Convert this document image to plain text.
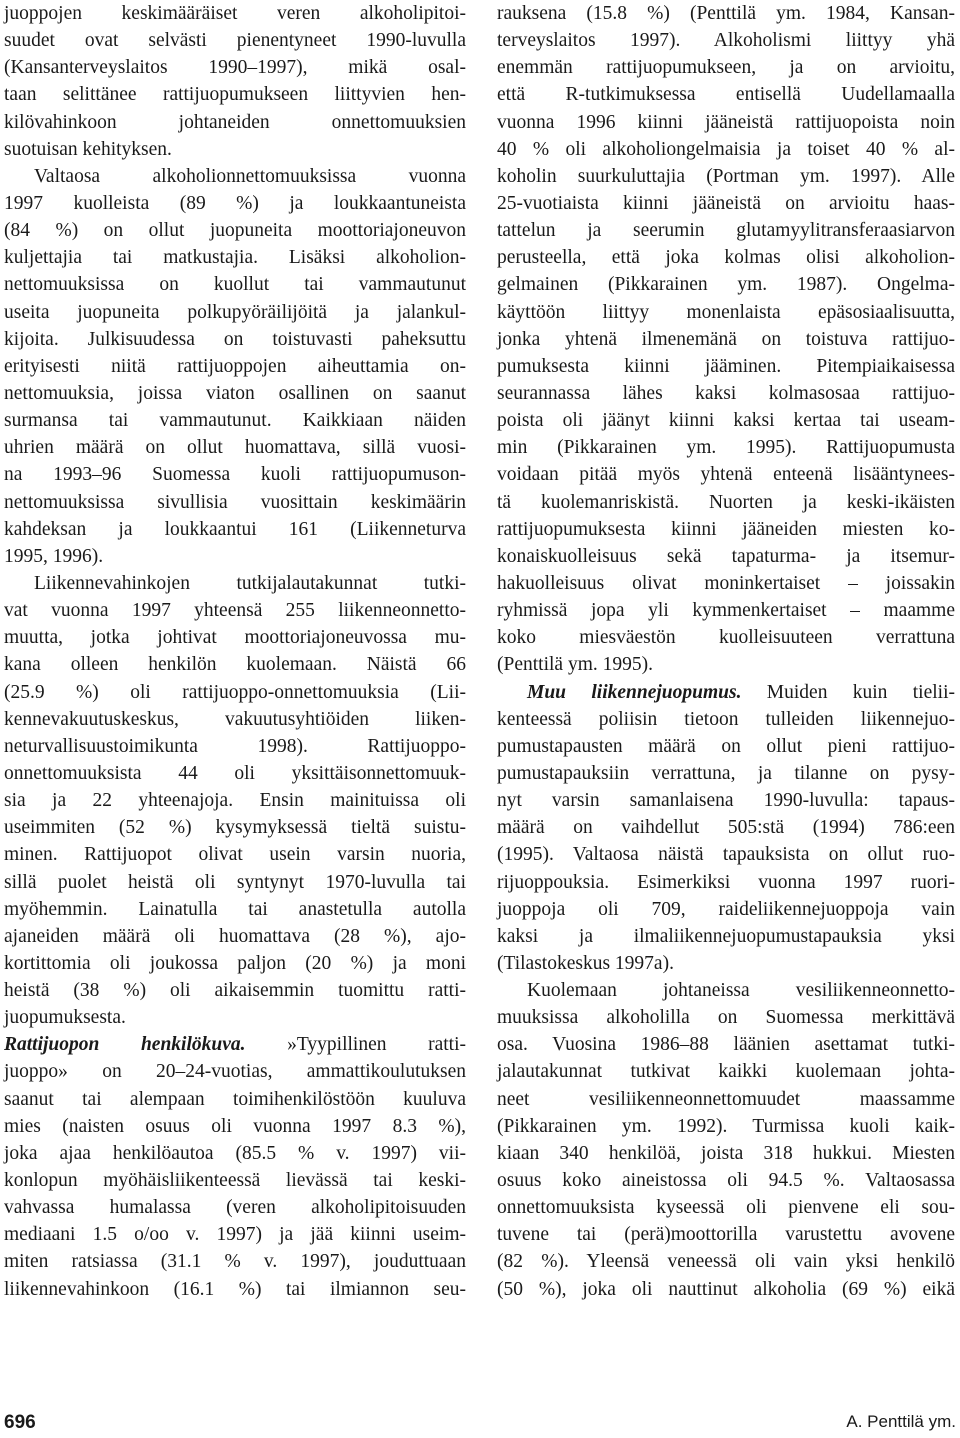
juoppojen keskimääräiset veren alkoholipitoi-
suudet ovat selvästi pienentyneet 1990-luvulla
(Kansanterveyslaitos 1990–1997), mikä osal-
taan selittänee rattijuopumukseen liittyvien hen-
kilövahinkoon johtaneiden onnettomuuksien
suotuisan kehityksen.
Valtaosa alkoholionnettomuuksissa vuonna
1997 kuolleista (89 %) ja loukkaantuneista
(84 %) on ollut juopuneita moottoriajoneuvon
kuljettajia tai matkustajia. Lisäksi alkoholion-
nettomuuksissa on kuollut tai vammautunut
useita juopuneita polkupyöräilijöitä ja jalankul-
kijoita. Julkisuudessa on toistuvasti paheksuttu
erityisesti niitä rattijuoppojen aiheuttamia on-
nettomuuksia, joissa viaton osallinen on saanut
surmansa tai vammautunut. Kaikkiaan näiden
uhrien määrä on ollut huomattava, sillä vuosi-
na 1993–96 Suomessa kuoli rattijuopumuson-
nettomuuksissa sivullisia vuosittain keskimäärin
kahdeksan ja loukkaantui 161 (Liikenneturva
1995, 1996).
Liikennevahinkojen tutkijalautakunnat tutki-
vat vuonna 1997 yhteensä 255 liikenneonnetto-
muutta, jotka johtivat moottoriajoneuvossa mu-
kana olleen henkilön kuolemaan. Näistä 66
(25.9 %) oli rattijuoppo-onnettomuuksia (Lii-
kennevakuutuskeskus, vakuutusyhtiöiden liiken-
neturvallisuustoimikunta 1998). Rattijuoppo-
onnettomuuksista 44 oli yksittäisonnettomuuk-
sia ja 22 yhteenajoja. Ensin mainituissa oli
useimmiten (52 %) kysymyksessä tieltä suistu-
minen. Rattijuopot olivat usein varsin nuoria,
sillä puolet heistä oli syntynyt 1970-luvulla tai
myöhemmin. Lainatulla tai anastetulla autolla
ajaneiden määrä oli huomattava (28 %), ajo-
kortittomia oli joukossa paljon (20 %) ja moni
heistä (38 %) oli aikaisemmin tuomittu ratti-
juopumuksesta.
Rattijuopon henkilökuva. »Tyypillinen ratti-
juoppo» on 20–24-vuotias, ammattikoulutuksen
saanut tai alempaan toimihenkilöstöön kuuluva
mies (naisten osuus oli vuonna 1997 8.3 %),
joka ajaa henkilöautoa (85.5 % v. 1997) vii-
konlopun myöhäisliikenteessä lievässä tai keski-
vahvassa humalassa (veren alkoholipitoisuuden
mediaani 1.5 o/oo v. 1997) ja jää kiinni useim-
miten ratsiassa (31.1 % v. 1997), jouduttuaan
liikennevahinkoon (16.1 %) tai ilmiannon seu-
rauksena (15.8 %) (Penttilä ym. 1984, Kansan-
terveyslaitos 1997). Alkoholismi liittyy yhä
enemmän rattijuopumukseen, ja on arvioitu,
että R-tutkimuksessa entisellä Uudellamaalla
vuonna 1996 kiinni jääneistä rattijuopoista noin
40 % oli alkoholiongelmaisia ja toiset 40 % al-
koholin suurkuluttajia (Portman ym. 1997). Alle
25-vuotiaista kiinni jääneistä on arvioitu haas-
tattelun ja seerumin glutamyylitransferaasiarvon
perusteella, että joka kolmas olisi alkoholion-
gelmainen (Pikkarainen ym. 1987). Ongelma-
käyttöön liittyy monenlaista epäsosiaalisuutta,
jonka yhtenä ilmenemänä on toistuva rattijuo-
pumuksesta kiinni jääminen. Pitempiaikaisessa
seurannassa lähes kaksi kolmasosaa rattijuo-
poista oli jäänyt kiinni kaksi kertaa tai useam-
min (Pikkarainen ym. 1995). Rattijuopumusta
voidaan pitää myös yhtenä enteenä lisääntynees-
tä kuolemanriskistä. Nuorten ja keski-ikäisten
rattijuopumuksesta kiinni jääneiden miesten ko-
konaiskuolleisuus sekä tapaturma- ja itsemur-
hakuolleisuus olivat moninkertaiset – joissakin
ryhmissä jopa yli kymmenkertaiset – maamme
koko miesväestön kuolleisuuteen verrattuna
(Penttilä ym. 1995).
Muu liikennejuopumus. Muiden kuin tielii-
kenteessä poliisin tietoon tulleiden liikennejuo-
pumustapausten määrä on ollut pieni rattijuo-
pumustapauksiin verrattuna, ja tilanne on pysy-
nyt varsin samanlaisena 1990-luvulla: tapaus-
määrä on vaihdellut 505:stä (1994) 786:een
(1995). Valtaosa näistä tapauksista on ollut ruo-
rijuoppouksia. Esimerkiksi vuonna 1997 ruori-
juoppoja oli 709, raideliikennejuoppoja vain
kaksi ja ilmaliikennejuopumustapauksia yksi
(Tilastokeskus 1997a).
Kuolemaan johtaneissa vesiliikenneonnetto-
muuksissa alkoholilla on Suomessa merkittävä
osa. Vuosina 1986–88 läänien asettamat tutki-
jalautakunnat tutkivat kaikki kuolemaan johta-
neet vesiliikenneonnettomuudet maassamme
(Pikkarainen ym. 1992). Turmissa kuoli kaik-
kiaan 340 henkilöä, joista 318 hukkui. Miesten
osuus koko aineistossa oli 94.5 %. Valtaosassa
onnettomuuksista kyseessä oli pienvene eli sou-
tuvene tai (perä)moottorilla varustettu avovene
(82 %). Yleensä veneessä oli vain yksi henkilö
(50 %), joka oli nauttinut alkoholia (69 %) eikä
696	A. Penttilä ym.
